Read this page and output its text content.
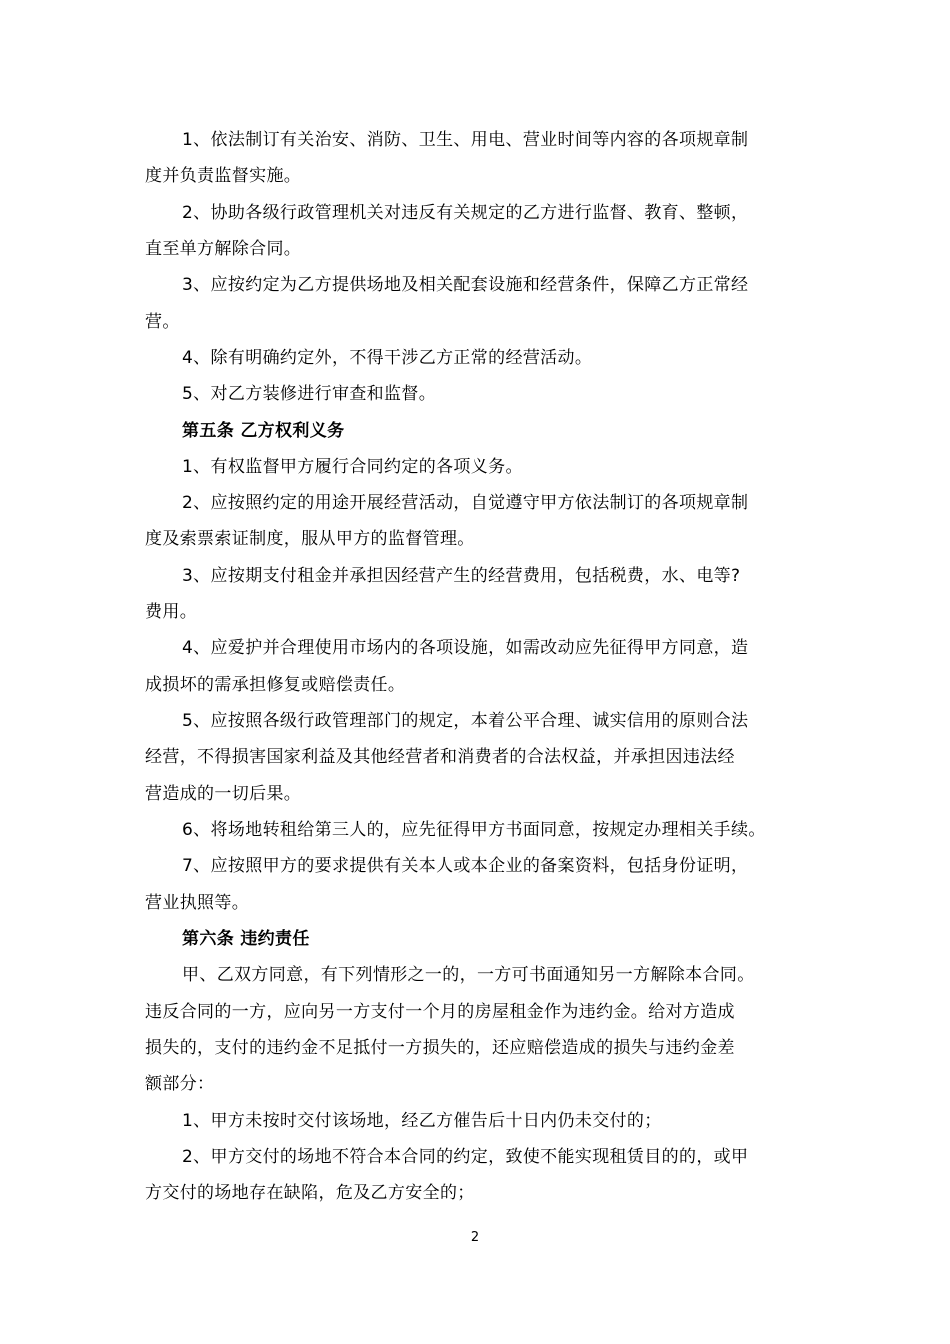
1、依法制订有关治安、消防、卫生、用电、营业时间等内容的各项规章制
度并负责监督实施。
2、协助各级行政管理机关对违反有关规定的乙方进行监督、教育、整顿，
直至单方解除合同。
3、应按约定为乙方提供场地及相关配套设施和经营条件，保障乙方正常经
营。
4、除有明确约定外，不得干涉乙方正常的经营活动。
5、对乙方装修进行审查和监督。
第五条 乙方权利义务
1、有权监督甲方履行合同约定的各项义务。
2、应按照约定的用途开展经营活动，自觉遵守甲方依法制订的各项规章制
度及索票索证制度，服从甲方的监督管理。
3、应按期支付租金并承担因经营产生的经营费用，包括税费，水、电等?
费用。
4、应爱护并合理使用市场内的各项设施，如需改动应先征得甲方同意，造
成损坏的需承担修复或赔偿责任。
5、应按照各级行政管理部门的规定，本着公平合理、诚实信用的原则合法
经营，不得损害国家利益及其他经营者和消费者的合法权益，并承担因违法经
营造成的一切后果。
6、将场地转租给第三人的，应先征得甲方书面同意，按规定办理相关手续。
7、应按照甲方的要求提供有关本人或本企业的备案资料，包括身份证明，
营业执照等。
第六条 违约责任
甲、乙双方同意，有下列情形之一的，一方可书面通知另一方解除本合同。
违反合同的一方，应向另一方支付一个月的房屋租金作为违约金。给对方造成
损失的，支付的违约金不足抵付一方损失的，还应赔偿造成的损失与违约金差
额部分：
1、甲方未按时交付该场地，经乙方催告后十日内仍未交付的；
2、甲方交付的场地不符合本合同的约定，致使不能实现租赁目的的，或甲
方交付的场地存在缺陷，危及乙方安全的；
2
